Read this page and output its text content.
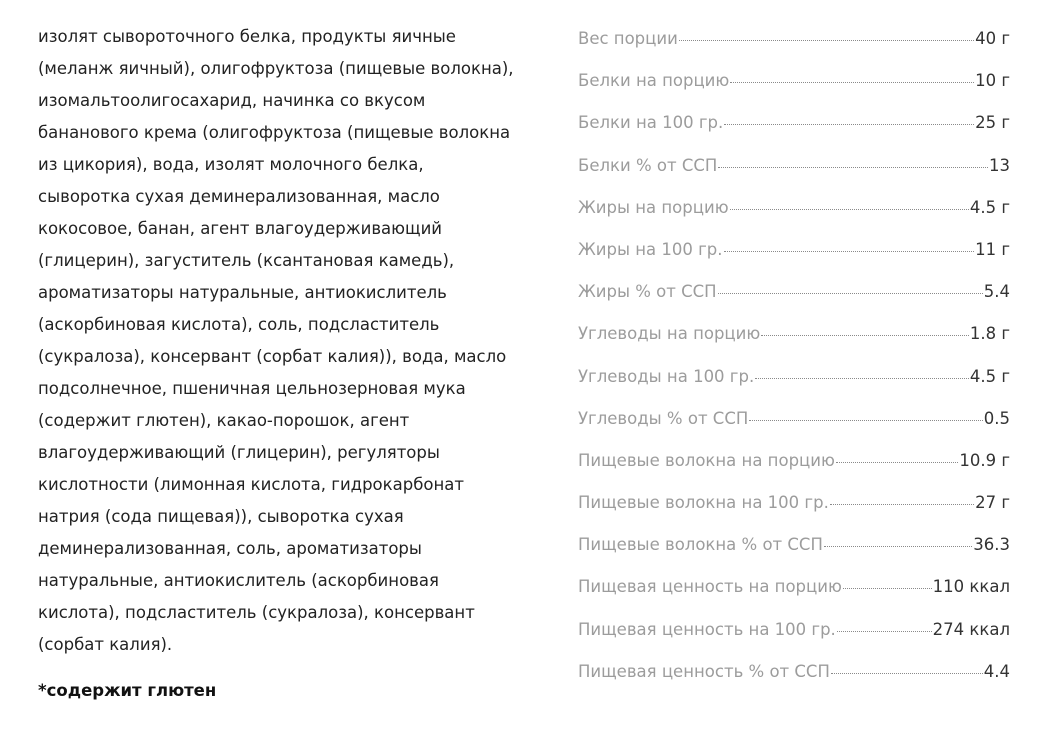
изолят сывороточного белка, продукты яичные
(меланж яичный), олигофруктоза (пищевые волокна),
изомальтоолигосахарид, начинка со вкусом
бананового крема (олигофруктоза (пищевые волокна
из цикория), вода, изолят молочного белка,
сыворотка сухая деминерализованная, масло
кокосовое, банан, агент влагоудерживающий
(глицерин), загуститель (ксантановая камедь),
ароматизаторы натуральные, антиокислитель
(аскорбиновая кислота), соль, подсластитель
(сукралоза), консервант (сорбат калия)), вода, масло
подсолнечное, пшеничная цельнозерновая мука
(содержит глютен), какао-порошок, агент
влагоудерживающий (глицерин), регуляторы
кислотности (лимонная кислота, гидрокарбонат
натрия (сода пищевая)), сыворотка сухая
деминерализованная, соль, ароматизаторы
натуральные, антиокислитель (аскорбиновая
кислота), подсластитель (сукралоза), консервант
(сорбат калия).

*содержит глютен

Вес порции	40 г
Белки на порцию	10 г
Белки на 100 гр.	25 г
Белки % от ССП	13
Жиры на порцию	4.5 г
Жиры на 100 гр.	11 г
Жиры % от ССП	5.4
Углеводы на порцию	1.8 г
Углеводы на 100 гр.	4.5 г
Углеводы % от ССП	0.5
Пищевые волокна на порцию	10.9 г
Пищевые волокна на 100 гр.	27 г
Пищевые волокна % от ССП	36.3
Пищевая ценность на порцию	110 ккал
Пищевая ценность на 100 гр.	274 ккал
Пищевая ценность % от ССП	4.4
